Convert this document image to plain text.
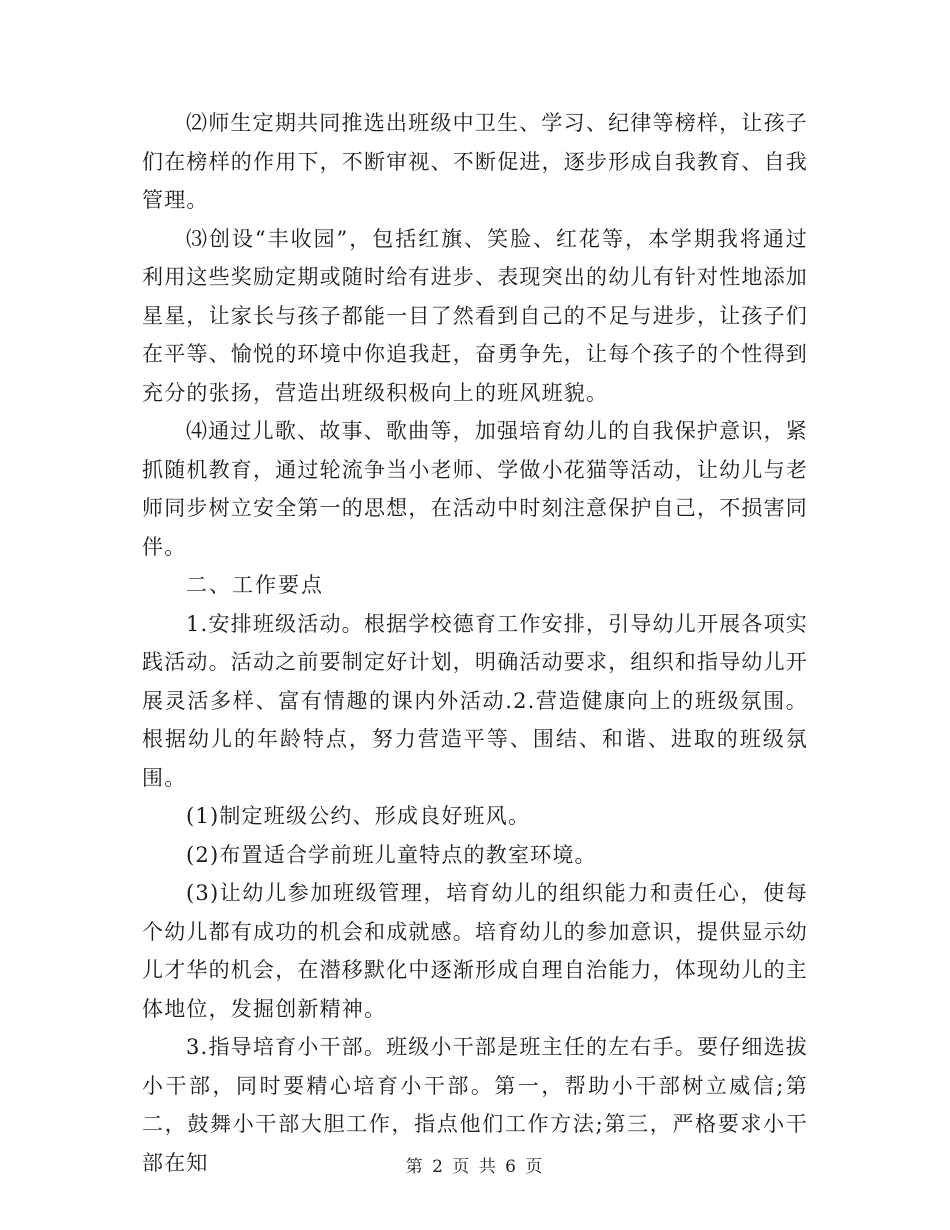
⑵师生定期共同推选出班级中卫生、学习、纪律等榜样，让孩子们在榜样的作用下，不断审视、不断促进，逐步形成自我教育、自我管理。

⑶创设“丰收园”，包括红旗、笑脸、红花等，本学期我将通过利用这些奖励定期或随时给有进步、表现突出的幼儿有针对性地添加星星，让家长与孩子都能一目了然看到自己的不足与进步，让孩子们在平等、愉悦的环境中你追我赶，奋勇争先，让每个孩子的个性得到充分的张扬，营造出班级积极向上的班风班貌。

⑷通过儿歌、故事、歌曲等，加强培育幼儿的自我保护意识，紧抓随机教育，通过轮流争当小老师、学做小花猫等活动，让幼儿与老师同步树立安全第一的思想，在活动中时刻注意保护自己，不损害同伴。

二、工作要点

1.安排班级活动。根据学校德育工作安排，引导幼儿开展各项实践活动。活动之前要制定好计划，明确活动要求，组织和指导幼儿开展灵活多样、富有情趣的课内外活动.2.营造健康向上的班级氛围。根据幼儿的年龄特点，努力营造平等、围结、和谐、进取的班级氛围。

(1)制定班级公约、形成良好班风。

(2)布置适合学前班儿童特点的教室环境。

(3)让幼儿参加班级管理，培育幼儿的组织能力和责任心，使每个幼儿都有成功的机会和成就感。培育幼儿的参加意识，提供显示幼儿才华的机会，在潜移默化中逐渐形成自理自治能力，体现幼儿的主体地位，发掘创新精神。

3.指导培育小干部。班级小干部是班主任的左右手。要仔细选拔小干部，同时要精心培育小干部。第一，帮助小干部树立威信;第二，鼓舞小干部大胆工作，指点他们工作方法;第三，严格要求小干部在知	第 2 页 共 6 页
